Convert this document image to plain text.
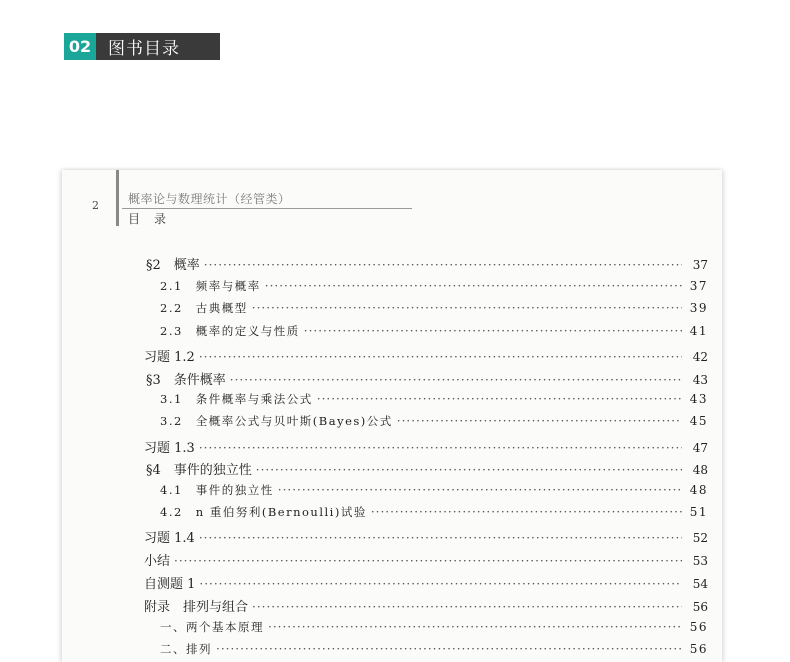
02 图书目录
2 概率论与数理统计（经管类）
目录
§2　概率 ·····	37
2.1　频率与概率 ·····	37
2.2　古典概型 ·····	39
2.3　概率的定义与性质 ·····	41
习题 1.2 ·····	42
§3　条件概率 ·····	43
3.1　条件概率与乘法公式 ·····	43
3.2　全概率公式与贝叶斯(Bayes)公式 ·····	45
习题 1.3 ·····	47
§4　事件的独立性 ·····	48
4.1　事件的独立性 ·····	48
4.2　n 重伯努利(Bernoulli)试验 ·····	51
习题 1.4 ·····	52
小结 ·····	53
自测题 1 ·····	54
附录　排列与组合 ·····	56
一、两个基本原理 ·····	56
二、排列 ·····	56
